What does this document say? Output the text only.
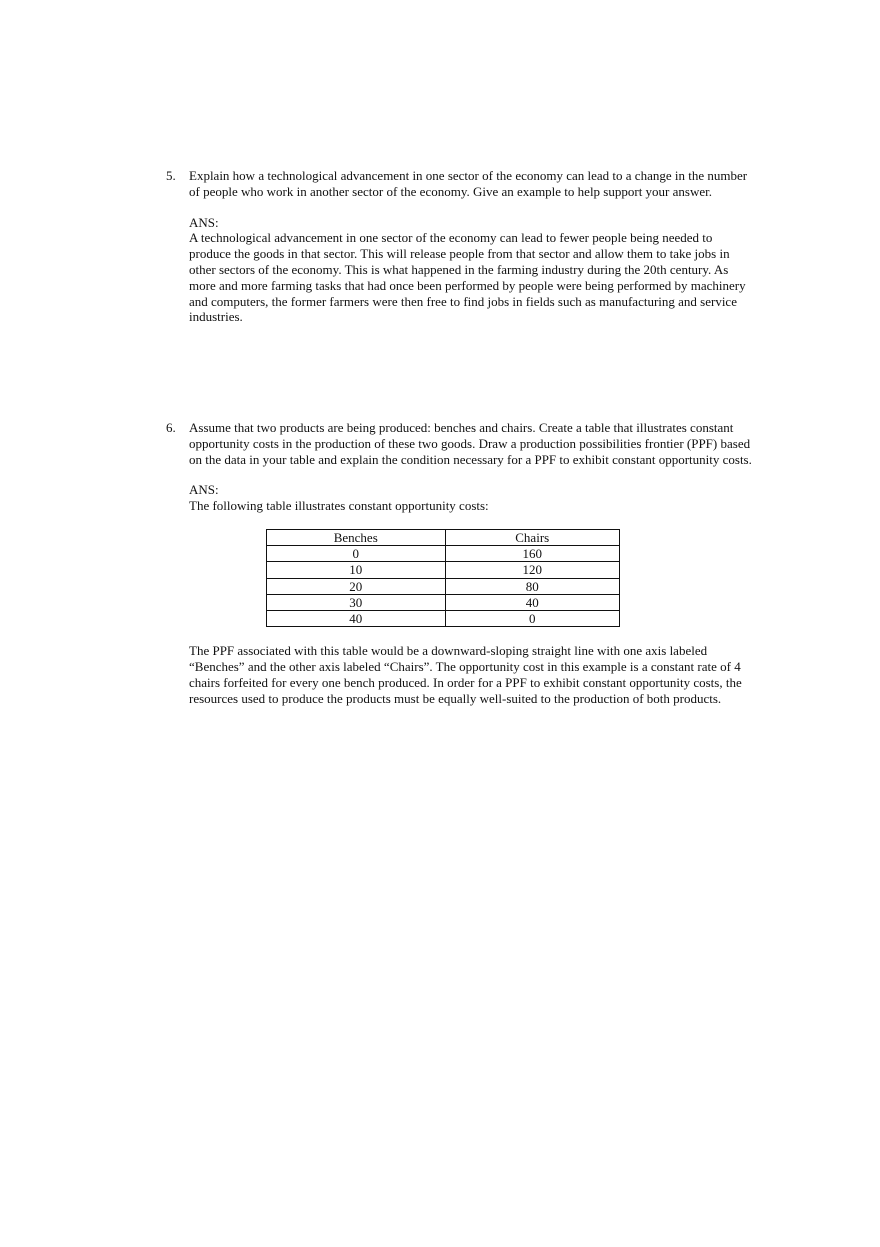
5. Explain how a technological advancement in one sector of the economy can lead to a change in the number of people who work in another sector of the economy. Give an example to help support your answer.

ANS:

A technological advancement in one sector of the economy can lead to fewer people being needed to produce the goods in that sector. This will release people from that sector and allow them to take jobs in other sectors of the economy. This is what happened in the farming industry during the 20th century. As more and more farming tasks that had once been performed by people were being performed by machinery and computers, the former farmers were then free to find jobs in fields such as manufacturing and service industries.

6. Assume that two products are being produced: benches and chairs. Create a table that illustrates constant opportunity costs in the production of these two goods. Draw a production possibilities frontier (PPF) based on the data in your table and explain the condition necessary for a PPF to exhibit constant opportunity costs.

ANS:

The following table illustrates constant opportunity costs:

Benches	Chairs
0	160
10	120
20	80
30	40
40	0

The PPF associated with this table would be a downward-sloping straight line with one axis labeled “Benches” and the other axis labeled “Chairs”. The opportunity cost in this example is a constant rate of 4 chairs forfeited for every one bench produced. In order for a PPF to exhibit constant opportunity costs, the resources used to produce the products must be equally well-suited to the production of both products.
